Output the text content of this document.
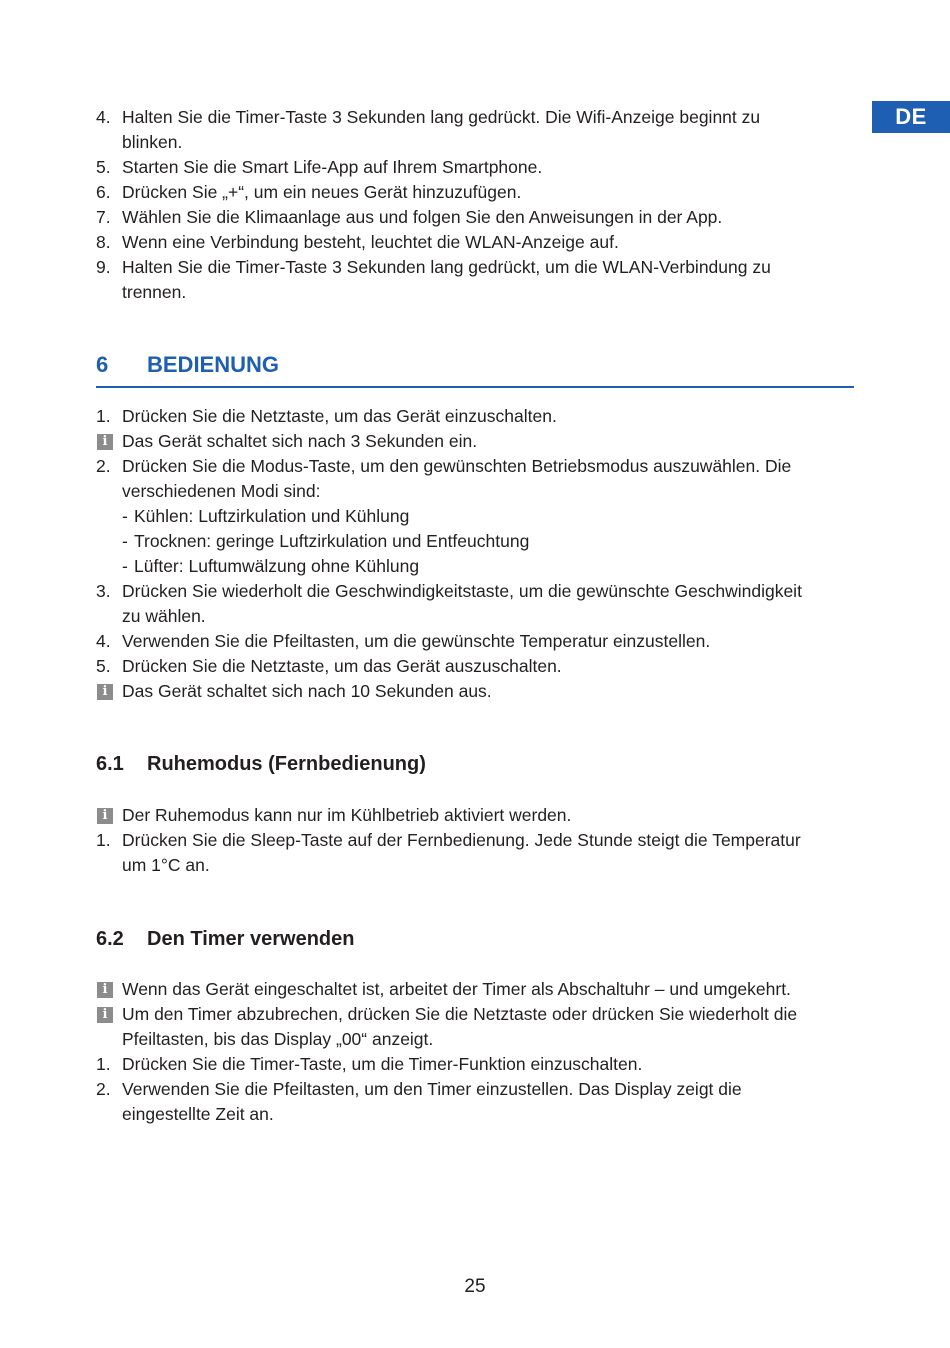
DE
4. Halten Sie die Timer-Taste 3 Sekunden lang gedrückt. Die Wifi-Anzeige beginnt zu
blinken.
5. Starten Sie die Smart Life-App auf Ihrem Smartphone.
6. Drücken Sie „+“, um ein neues Gerät hinzuzufügen.
7. Wählen Sie die Klimaanlage aus und folgen Sie den Anweisungen in der App.
8. Wenn eine Verbindung besteht, leuchtet die WLAN-Anzeige auf.
9. Halten Sie die Timer-Taste 3 Sekunden lang gedrückt, um die WLAN-Verbindung zu
trennen.
6 BEDIENUNG
1. Drücken Sie die Netztaste, um das Gerät einzuschalten.
i Das Gerät schaltet sich nach 3 Sekunden ein.
2. Drücken Sie die Modus-Taste, um den gewünschten Betriebsmodus auszuwählen. Die
verschiedenen Modi sind:
- Kühlen: Luftzirkulation und Kühlung
- Trocknen: geringe Luftzirkulation und Entfeuchtung
- Lüfter: Luftumwälzung ohne Kühlung
3. Drücken Sie wiederholt die Geschwindigkeitstaste, um die gewünschte Geschwindigkeit
zu wählen.
4. Verwenden Sie die Pfeiltasten, um die gewünschte Temperatur einzustellen.
5. Drücken Sie die Netztaste, um das Gerät auszuschalten.
i Das Gerät schaltet sich nach 10 Sekunden aus.
6.1 Ruhemodus (Fernbedienung)
i Der Ruhemodus kann nur im Kühlbetrieb aktiviert werden.
1. Drücken Sie die Sleep-Taste auf der Fernbedienung. Jede Stunde steigt die Temperatur
um 1°C an.
6.2 Den Timer verwenden
i Wenn das Gerät eingeschaltet ist, arbeitet der Timer als Abschaltuhr – und umgekehrt.
i Um den Timer abzubrechen, drücken Sie die Netztaste oder drücken Sie wiederholt die
Pfeiltasten, bis das Display „00“ anzeigt.
1. Drücken Sie die Timer-Taste, um die Timer-Funktion einzuschalten.
2. Verwenden Sie die Pfeiltasten, um den Timer einzustellen. Das Display zeigt die
eingestellte Zeit an.
25
